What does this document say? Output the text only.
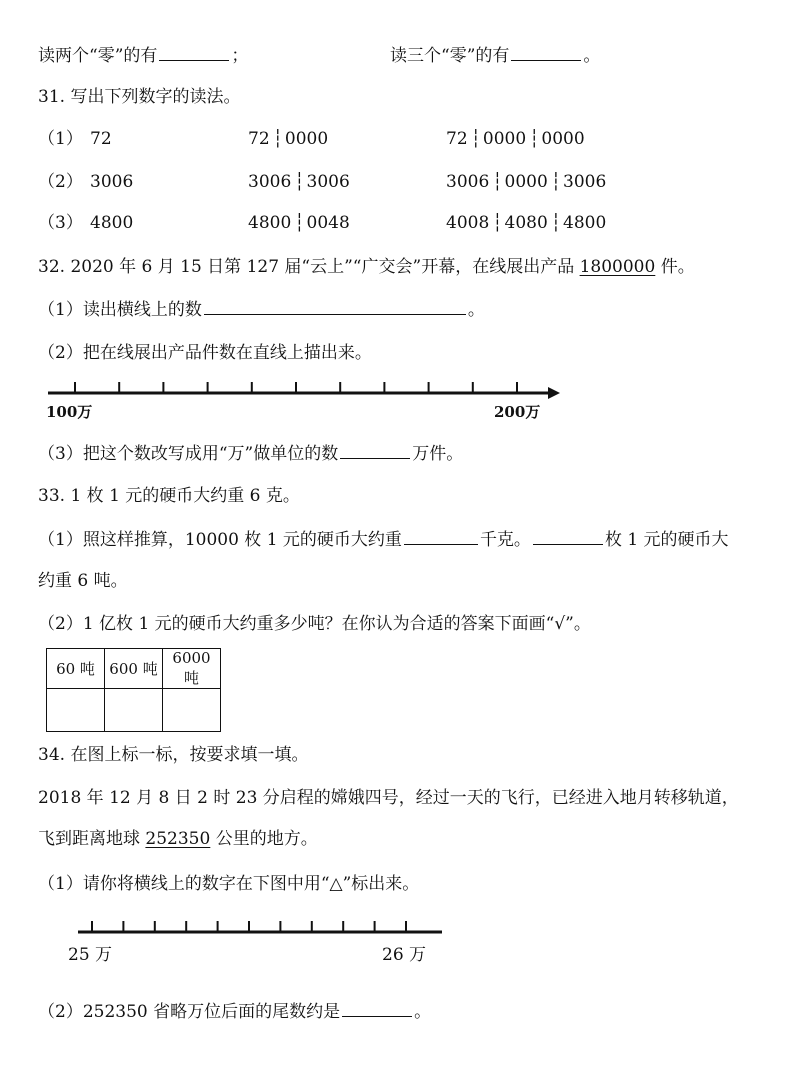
读两个“零”的有	；	读三个“零”的有	。
31. 写出下列数字的读法。
（1） 72	72 ┆ 0000	72 ┆ 0000 ┆ 0000
（2） 3006	3006 ┆ 3006	3006 ┆ 0000 ┆ 3006
（3） 4800	4800 ┆ 0048	4008 ┆ 4080 ┆ 4800
32. 2020 年 6 月 15 日第 127 届“云上”“广交会”开幕，在线展出产品 1800000 件。
（1）读出横线上的数	。
（2）把在线展出产品件数在直线上描出来。
100万	200万
（3）把这个数改写成用“万”做单位的数	万件。
33. 1 枚 1 元的硬币大约重 6 克。
（1）照这样推算，10000 枚 1 元的硬币大约重	千克。	枚 1 元的硬币大
约重 6 吨。
（2）1 亿枚 1 元的硬币大约重多少吨？在你认为合适的答案下面画“√”。
60 吨	600 吨	6000 吨

34. 在图上标一标，按要求填一填。
2018 年 12 月 8 日 2 时 23 分启程的嫦娥四号，经过一天的飞行，已经进入地月转移轨道，
飞到距离地球 252350 公里的地方。
（1）请你将横线上的数字在下图中用“△”标出来。
25 万	26 万
（2）252350 省略万位后面的尾数约是	。
